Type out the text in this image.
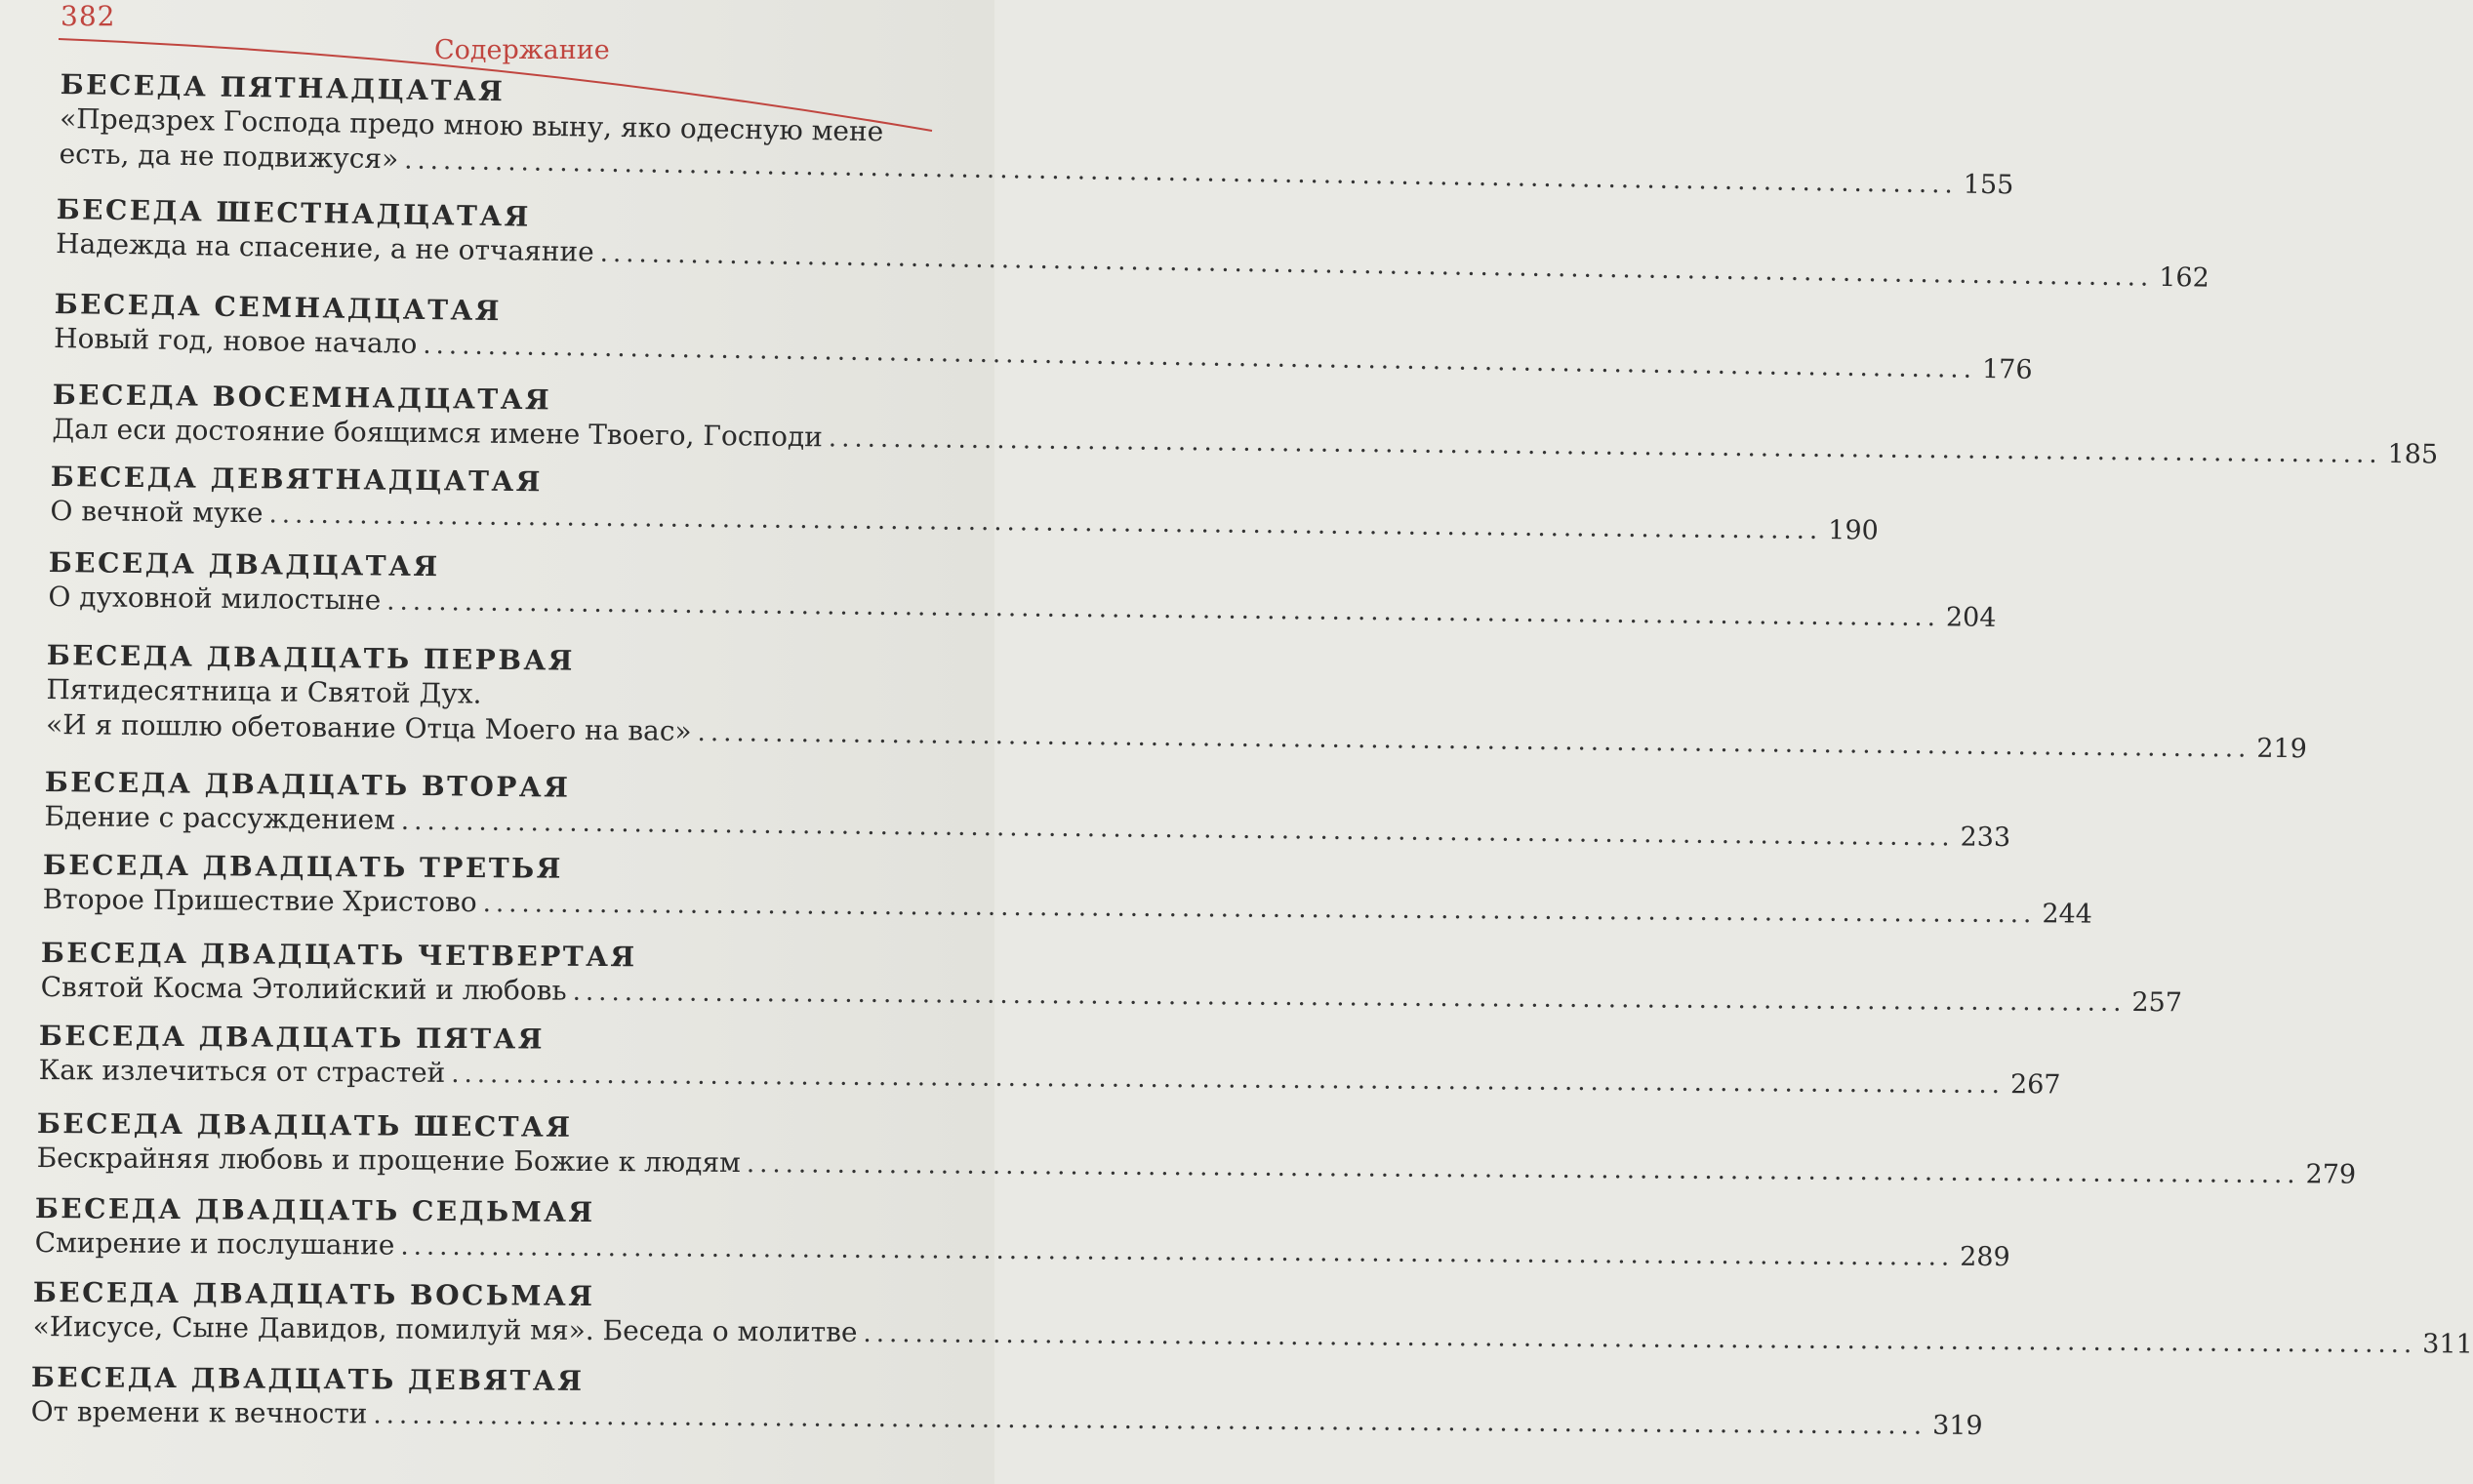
382
Содержание
БЕСЕДА ПЯТНАДЦАТАЯ
«Предзрех Господа предо мною выну, яко одесную мене
есть, да не подвижуся» ........................................................................................................................ 155
БЕСЕДА ШЕСТНАДЦАТАЯ
Надежда на спасение, а не отчаяние ........................................................................................................................ 162
БЕСЕДА СЕМНАДЦАТАЯ
Новый год, новое начало ........................................................................................................................ 176
БЕСЕДА ВОСЕМНАДЦАТАЯ
Дал еси достояние боящимся имене Твоего, Господи ........................................................................................................................ 185
БЕСЕДА ДЕВЯТНАДЦАТАЯ
О вечной муке ........................................................................................................................ 190
БЕСЕДА ДВАДЦАТАЯ
О духовной милостыне ........................................................................................................................ 204
БЕСЕДА ДВАДЦАТЬ ПЕРВАЯ
Пятидесятница и Святой Дух.
«И я пошлю обетование Отца Моего на вас» ........................................................................................................................ 219
БЕСЕДА ДВАДЦАТЬ ВТОРАЯ
Бдение с рассуждением ........................................................................................................................ 233
БЕСЕДА ДВАДЦАТЬ ТРЕТЬЯ
Второе Пришествие Христово ........................................................................................................................ 244
БЕСЕДА ДВАДЦАТЬ ЧЕТВЕРТАЯ
Святой Косма Этолийский и любовь ........................................................................................................................ 257
БЕСЕДА ДВАДЦАТЬ ПЯТАЯ
Как излечиться от страстей ........................................................................................................................ 267
БЕСЕДА ДВАДЦАТЬ ШЕСТАЯ
Бескрайняя любовь и прощение Божие к людям ........................................................................................................................ 279
БЕСЕДА ДВАДЦАТЬ СЕДЬМАЯ
Смирение и послушание ........................................................................................................................ 289
БЕСЕДА ДВАДЦАТЬ ВОСЬМАЯ
«Иисусе, Сыне Давидов, помилуй мя». Беседа о молитве ........................................................................................................................ 311
БЕСЕДА ДВАДЦАТЬ ДЕВЯТАЯ
От времени к вечности ........................................................................................................................ 319
